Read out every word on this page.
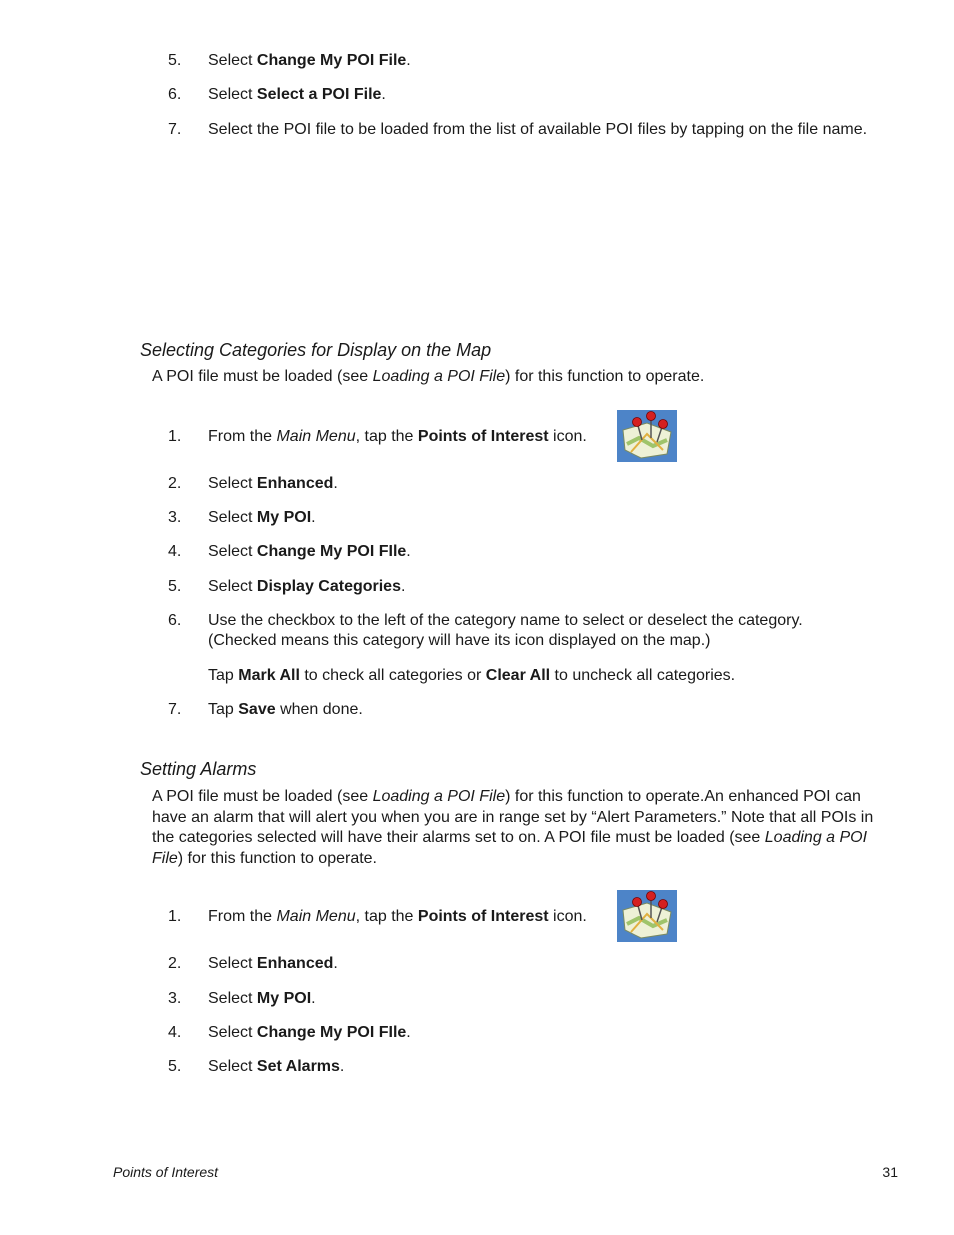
5. Select Change My POI File.
6. Select Select a POI File.
7. Select the POI file to be loaded from the list of available POI files by tapping on the file name.
Selecting Categories for Display on the Map
A POI file must be loaded (see Loading a POI File) for this function to operate.
1. From the Main Menu, tap the Points of Interest icon.
2. Select Enhanced.
3. Select My POI.
4. Select Change My POI FIle.
5. Select Display Categories.
6. Use the checkbox to the left of the category name to select or deselect the category. (Checked means this category will have its icon displayed on the map.)
Tap Mark All to check all categories or Clear All to uncheck all categories.
7. Tap Save when done.
Setting Alarms
A POI file must be loaded (see Loading a POI File) for this function to operate.An enhanced POI can have an alarm that will alert you when you are in range set by “Alert Parameters.” Note that all POIs in the categories selected will have their alarms set to on. A POI file must be loaded (see Loading a POI File) for this function to operate.
1. From the Main Menu, tap the Points of Interest icon.
2. Select Enhanced.
3. Select My POI.
4. Select Change My POI FIle.
5. Select Set Alarms.
Points of Interest	31
